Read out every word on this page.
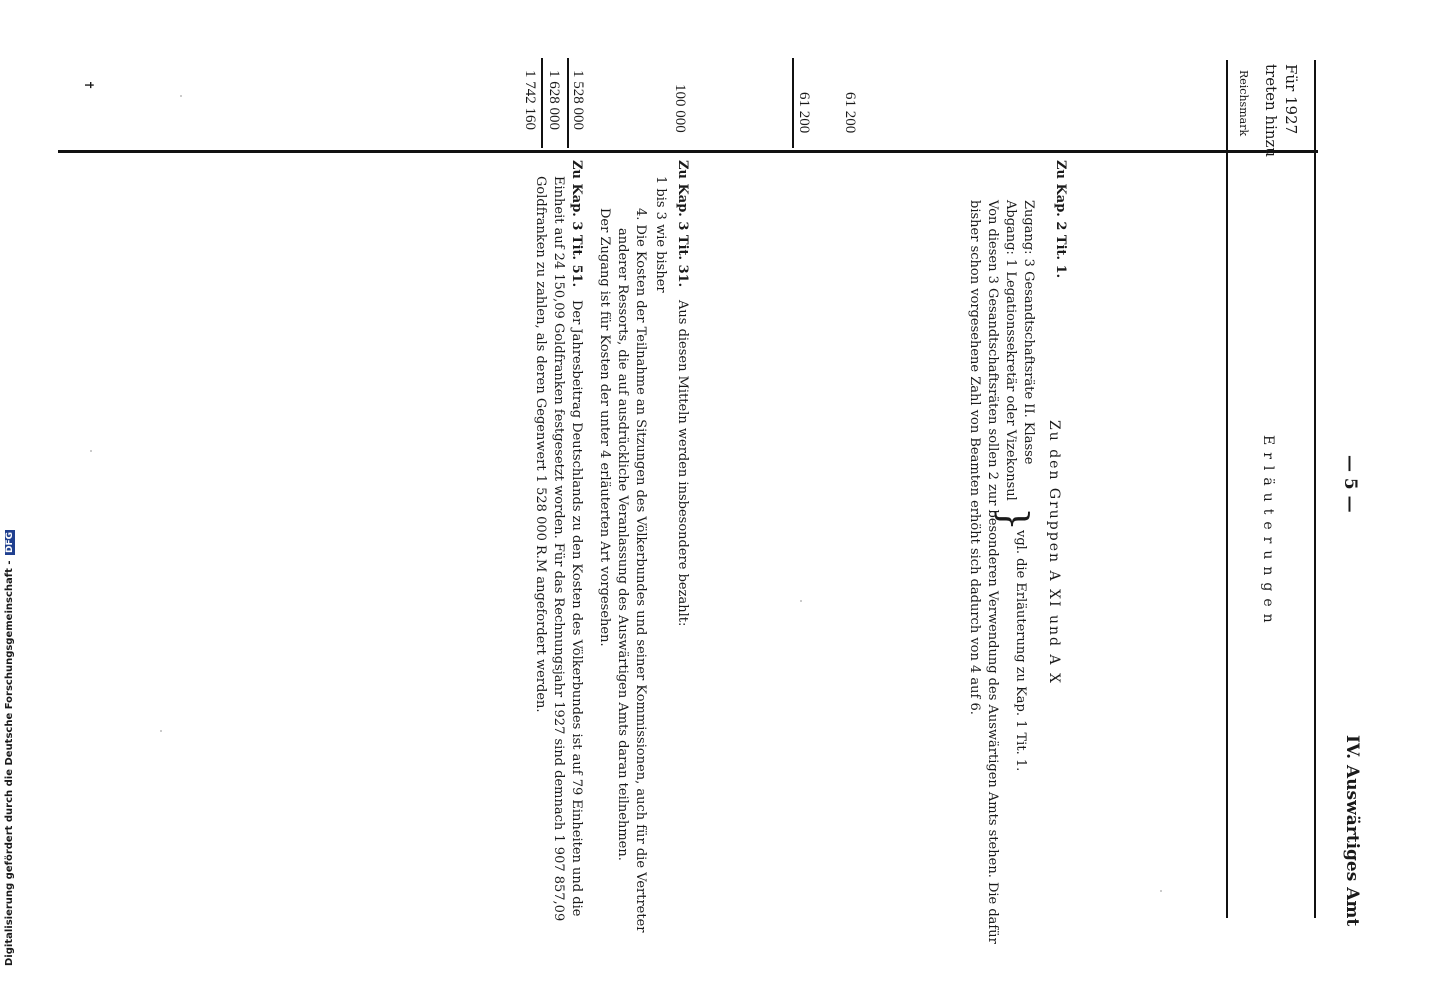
— 5 —
IV. Auswärtiges Amt
Für 1927
treten hinzu
Reichsmark
Erläuterungen
Zu den Gruppen A XI und A X
Zu Kap. 2 Tit. 1.
Zugang: 3 Gesandtschaftsräte II. Klasse
Abgang: 1 Legationssekretär oder Vizekonsul
}
vgl. die Erläuterung zu Kap. 1 Tit. 1.
Von diesen 3 Gesandtschaftsräten sollen 2 zur besonderen Verwendung des Auswärtigen Amts stehen. Die dafür
bisher schon vorgesehene Zahl von Beamten erhöht sich dadurch von 4 auf 6.
61 200
61 200
Zu Kap. 3 Tit. 31.
Aus diesen Mitteln werden insbesondere bezahlt:
1 bis 3 wie bisher
4. Die Kosten der Teilnahme an Sitzungen des Völkerbundes und seiner Kommissionen, auch für die Vertreter
anderer Ressorts, die auf ausdrückliche Veranlassung des Auswärtigen Amts daran teilnehmen.
Der Zugang ist für Kosten der unter 4 erläuterten Art vorgesehen.
100 000
Zu Kap. 3 Tit. 51.
Der Jahresbeitrag Deutschlands zu den Kosten des Völkerbundes ist auf 79 Einheiten und die
Einheit auf 24 150,09 Goldfranken festgesetzt worden. Für das Rechnungsjahr 1927 sind demnach 1 907 857,09
Goldfranken zu zahlen, als deren Gegenwert 1 528 000 R.M angefordert werden.
1 528 000
1 628 000
1 742 160
✝
Digitalisierung gefördert durch die Deutsche Forschungsgemeinschaft - DFG
